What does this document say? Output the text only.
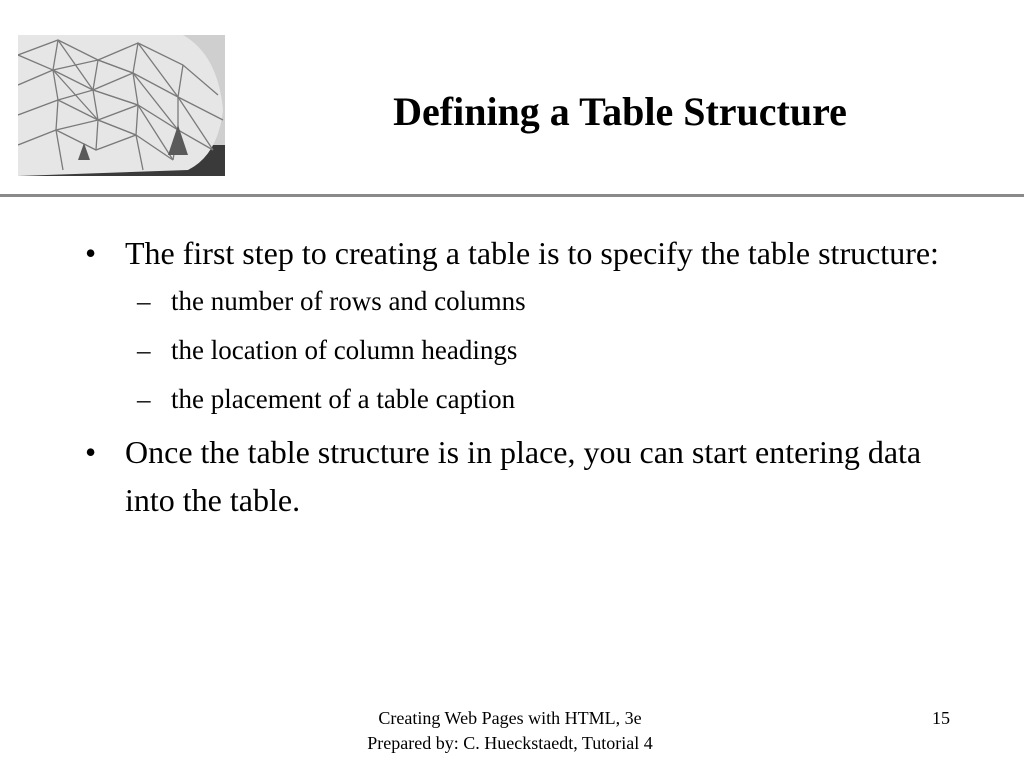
Defining a Table Structure
• The first step to creating a table is to specify the table structure:
– the number of rows and columns
– the location of column headings
– the placement of a table caption
• Once the table structure is in place, you can start entering data into the table.
Creating Web Pages with HTML, 3e
Prepared by: C. Hueckstaedt, Tutorial 4
15
